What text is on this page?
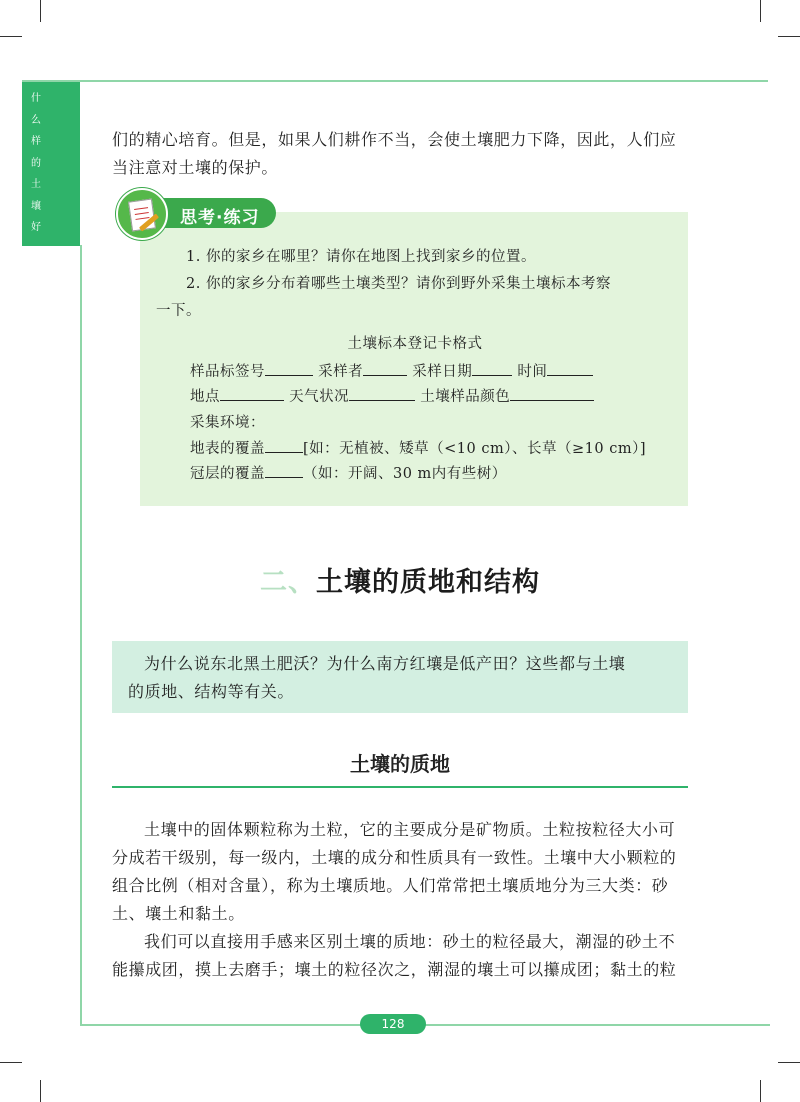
什
么
样
的
土
壤
好
们的精心培育。但是，如果人们耕作不当，会使土壤肥力下降，因此，人们应
当注意对土壤的保护。
思考·练习
1. 你的家乡在哪里？请你在地图上找到家乡的位置。
2. 你的家乡分布着哪些土壤类型？请你到野外采集土壤标本考察
一下。
土壤标本登记卡格式
样品标签号	采样者	采样日期	时间
地点	天气状况	土壤样品颜色
采集环境：
地表的覆盖	[如：无植被、矮草（<10 cm）、长草（≥10 cm）]
冠层的覆盖	（如：开阔、30 m内有些树）
二、土壤的质地和结构
为什么说东北黑土肥沃？为什么南方红壤是低产田？这些都与土壤
的质地、结构等有关。
土壤的质地
土壤中的固体颗粒称为土粒，它的主要成分是矿物质。土粒按粒径大小可
分成若干级别，每一级内，土壤的成分和性质具有一致性。土壤中大小颗粒的
组合比例（相对含量），称为土壤质地。人们常常把土壤质地分为三大类：砂
土、壤土和黏土。
我们可以直接用手感来区别土壤的质地：砂土的粒径最大，潮湿的砂土不
能攥成团，摸上去磨手；壤土的粒径次之，潮湿的壤土可以攥成团；黏土的粒
128
